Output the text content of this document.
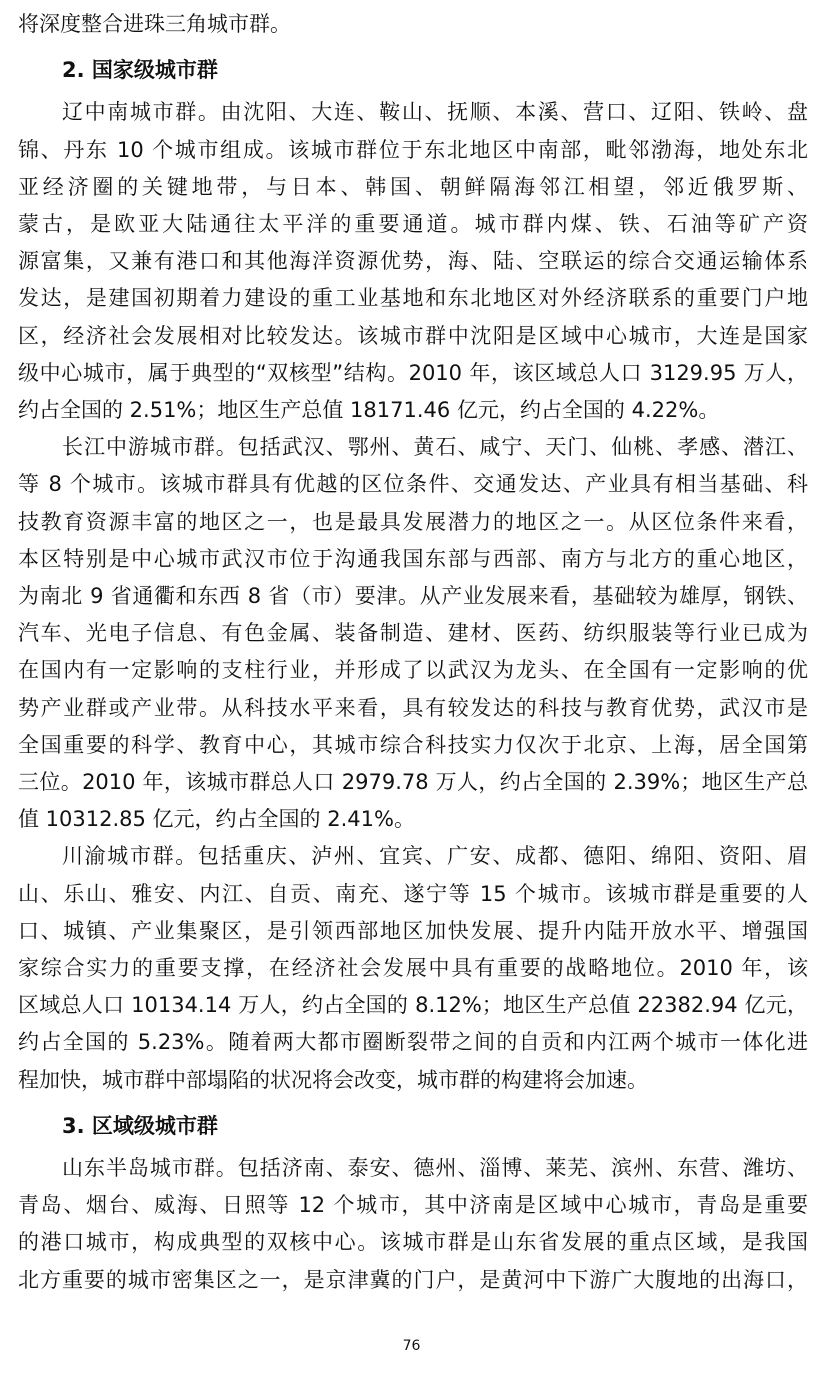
将深度整合进珠三角城市群。
2. 国家级城市群
辽中南城市群。由沈阳、大连、鞍山、抚顺、本溪、营口、辽阳、铁岭、盘
锦、丹东 10 个城市组成。该城市群位于东北地区中南部，毗邻渤海，地处东北
亚经济圈的关键地带，与日本、韩国、朝鲜隔海邻江相望，邻近俄罗斯、
蒙古，是欧亚大陆通往太平洋的重要通道。城市群内煤、铁、石油等矿产资
源富集，又兼有港口和其他海洋资源优势，海、陆、空联运的综合交通运输体系
发达，是建国初期着力建设的重工业基地和东北地区对外经济联系的重要门户地
区，经济社会发展相对比较发达。该城市群中沈阳是区域中心城市，大连是国家
级中心城市，属于典型的“双核型”结构。2010 年，该区域总人口 3129.95 万人，
约占全国的 2.51%；地区生产总值 18171.46 亿元，约占全国的 4.22%。
长江中游城市群。包括武汉、鄂州、黄石、咸宁、天门、仙桃、孝感、潜江、
等 8 个城市。该城市群具有优越的区位条件、交通发达、产业具有相当基础、科
技教育资源丰富的地区之一，也是最具发展潜力的地区之一。从区位条件来看，
本区特别是中心城市武汉市位于沟通我国东部与西部、南方与北方的重心地区，
为南北 9 省通衢和东西 8 省（市）要津。从产业发展来看，基础较为雄厚，钢铁、
汽车、光电子信息、有色金属、装备制造、建材、医药、纺织服装等行业已成为
在国内有一定影响的支柱行业，并形成了以武汉为龙头、在全国有一定影响的优
势产业群或产业带。从科技水平来看，具有较发达的科技与教育优势，武汉市是
全国重要的科学、教育中心，其城市综合科技实力仅次于北京、上海，居全国第
三位。2010 年，该城市群总人口 2979.78 万人，约占全国的 2.39%；地区生产总
值 10312.85 亿元，约占全国的 2.41%。
川渝城市群。包括重庆、泸州、宜宾、广安、成都、德阳、绵阳、资阳、眉
山、乐山、雅安、内江、自贡、南充、遂宁等 15 个城市。该城市群是重要的人
口、城镇、产业集聚区，是引领西部地区加快发展、提升内陆开放水平、增强国
家综合实力的重要支撑，在经济社会发展中具有重要的战略地位。2010 年，该
区域总人口 10134.14 万人，约占全国的 8.12%；地区生产总值 22382.94 亿元，
约占全国的 5.23%。随着两大都市圈断裂带之间的自贡和内江两个城市一体化进
程加快，城市群中部塌陷的状况将会改变，城市群的构建将会加速。
3. 区域级城市群
山东半岛城市群。包括济南、泰安、德州、淄博、莱芜、滨州、东营、潍坊、
青岛、烟台、威海、日照等 12 个城市，其中济南是区域中心城市，青岛是重要
76
的港口城市，构成典型的双核中心。该城市群是山东省发展的重点区域，是我国
北方重要的城市密集区之一，是京津冀的门户，是黄河中下游广大腹地的出海口，
